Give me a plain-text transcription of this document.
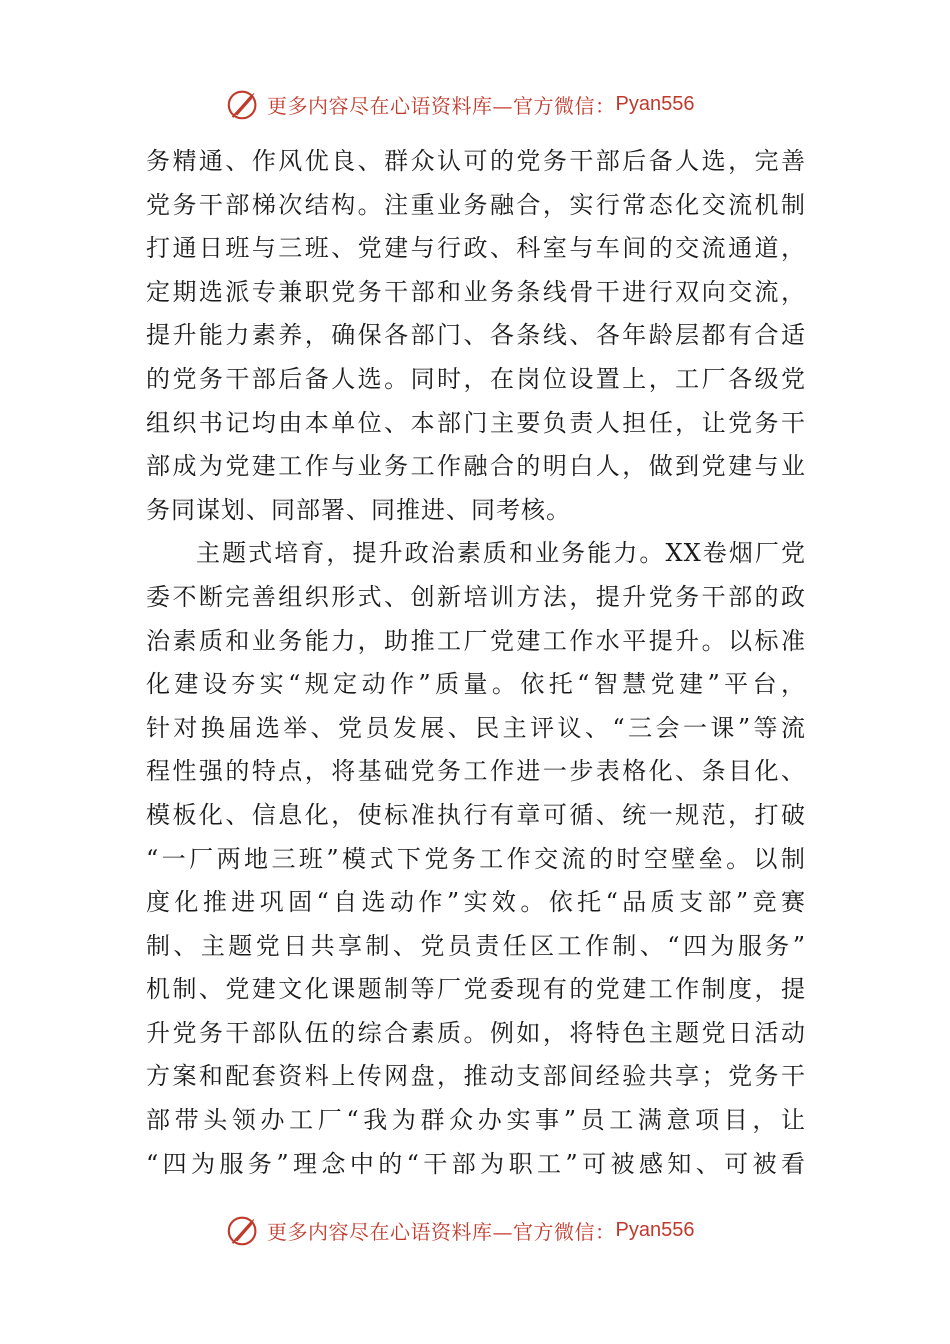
更多内容尽在心语资料库—官方微信： Pyan556
务精通、作风优良、群众认可的党务干部后备人选，完善
党务干部梯次结构。注重业务融合，实行常态化交流机制
打通日班与三班、党建与行政、科室与车间的交流通道，
定期选派专兼职党务干部和业务条线骨干进行双向交流，
提升能力素养，确保各部门、各条线、各年龄层都有合适
的党务干部后备人选。同时，在岗位设置上，工厂各级党
组织书记均由本单位、本部门主要负责人担任，让党务干
部成为党建工作与业务工作融合的明白人，做到党建与业
务同谋划、同部署、同推进、同考核。
主题式培育，提升政治素质和业务能力。XX卷烟厂党
委不断完善组织形式、创新培训方法，提升党务干部的政
治素质和业务能力，助推工厂党建工作水平提升。以标准
化建设夯实“规定动作”质量。依托“智慧党建”平台，
针对换届选举、党员发展、民主评议、“三会一课”等流
程性强的特点，将基础党务工作进一步表格化、条目化、
模板化、信息化，使标准执行有章可循、统一规范，打破
“一厂两地三班”模式下党务工作交流的时空壁垒。以制
度化推进巩固“自选动作”实效。依托“品质支部”竞赛
制、主题党日共享制、党员责任区工作制、“四为服务”
机制、党建文化课题制等厂党委现有的党建工作制度，提
升党务干部队伍的综合素质。例如，将特色主题党日活动
方案和配套资料上传网盘，推动支部间经验共享；党务干
部带头领办工厂“我为群众办实事”员工满意项目，让
“四为服务”理念中的“干部为职工”可被感知、可被看
更多内容尽在心语资料库—官方微信： Pyan556
